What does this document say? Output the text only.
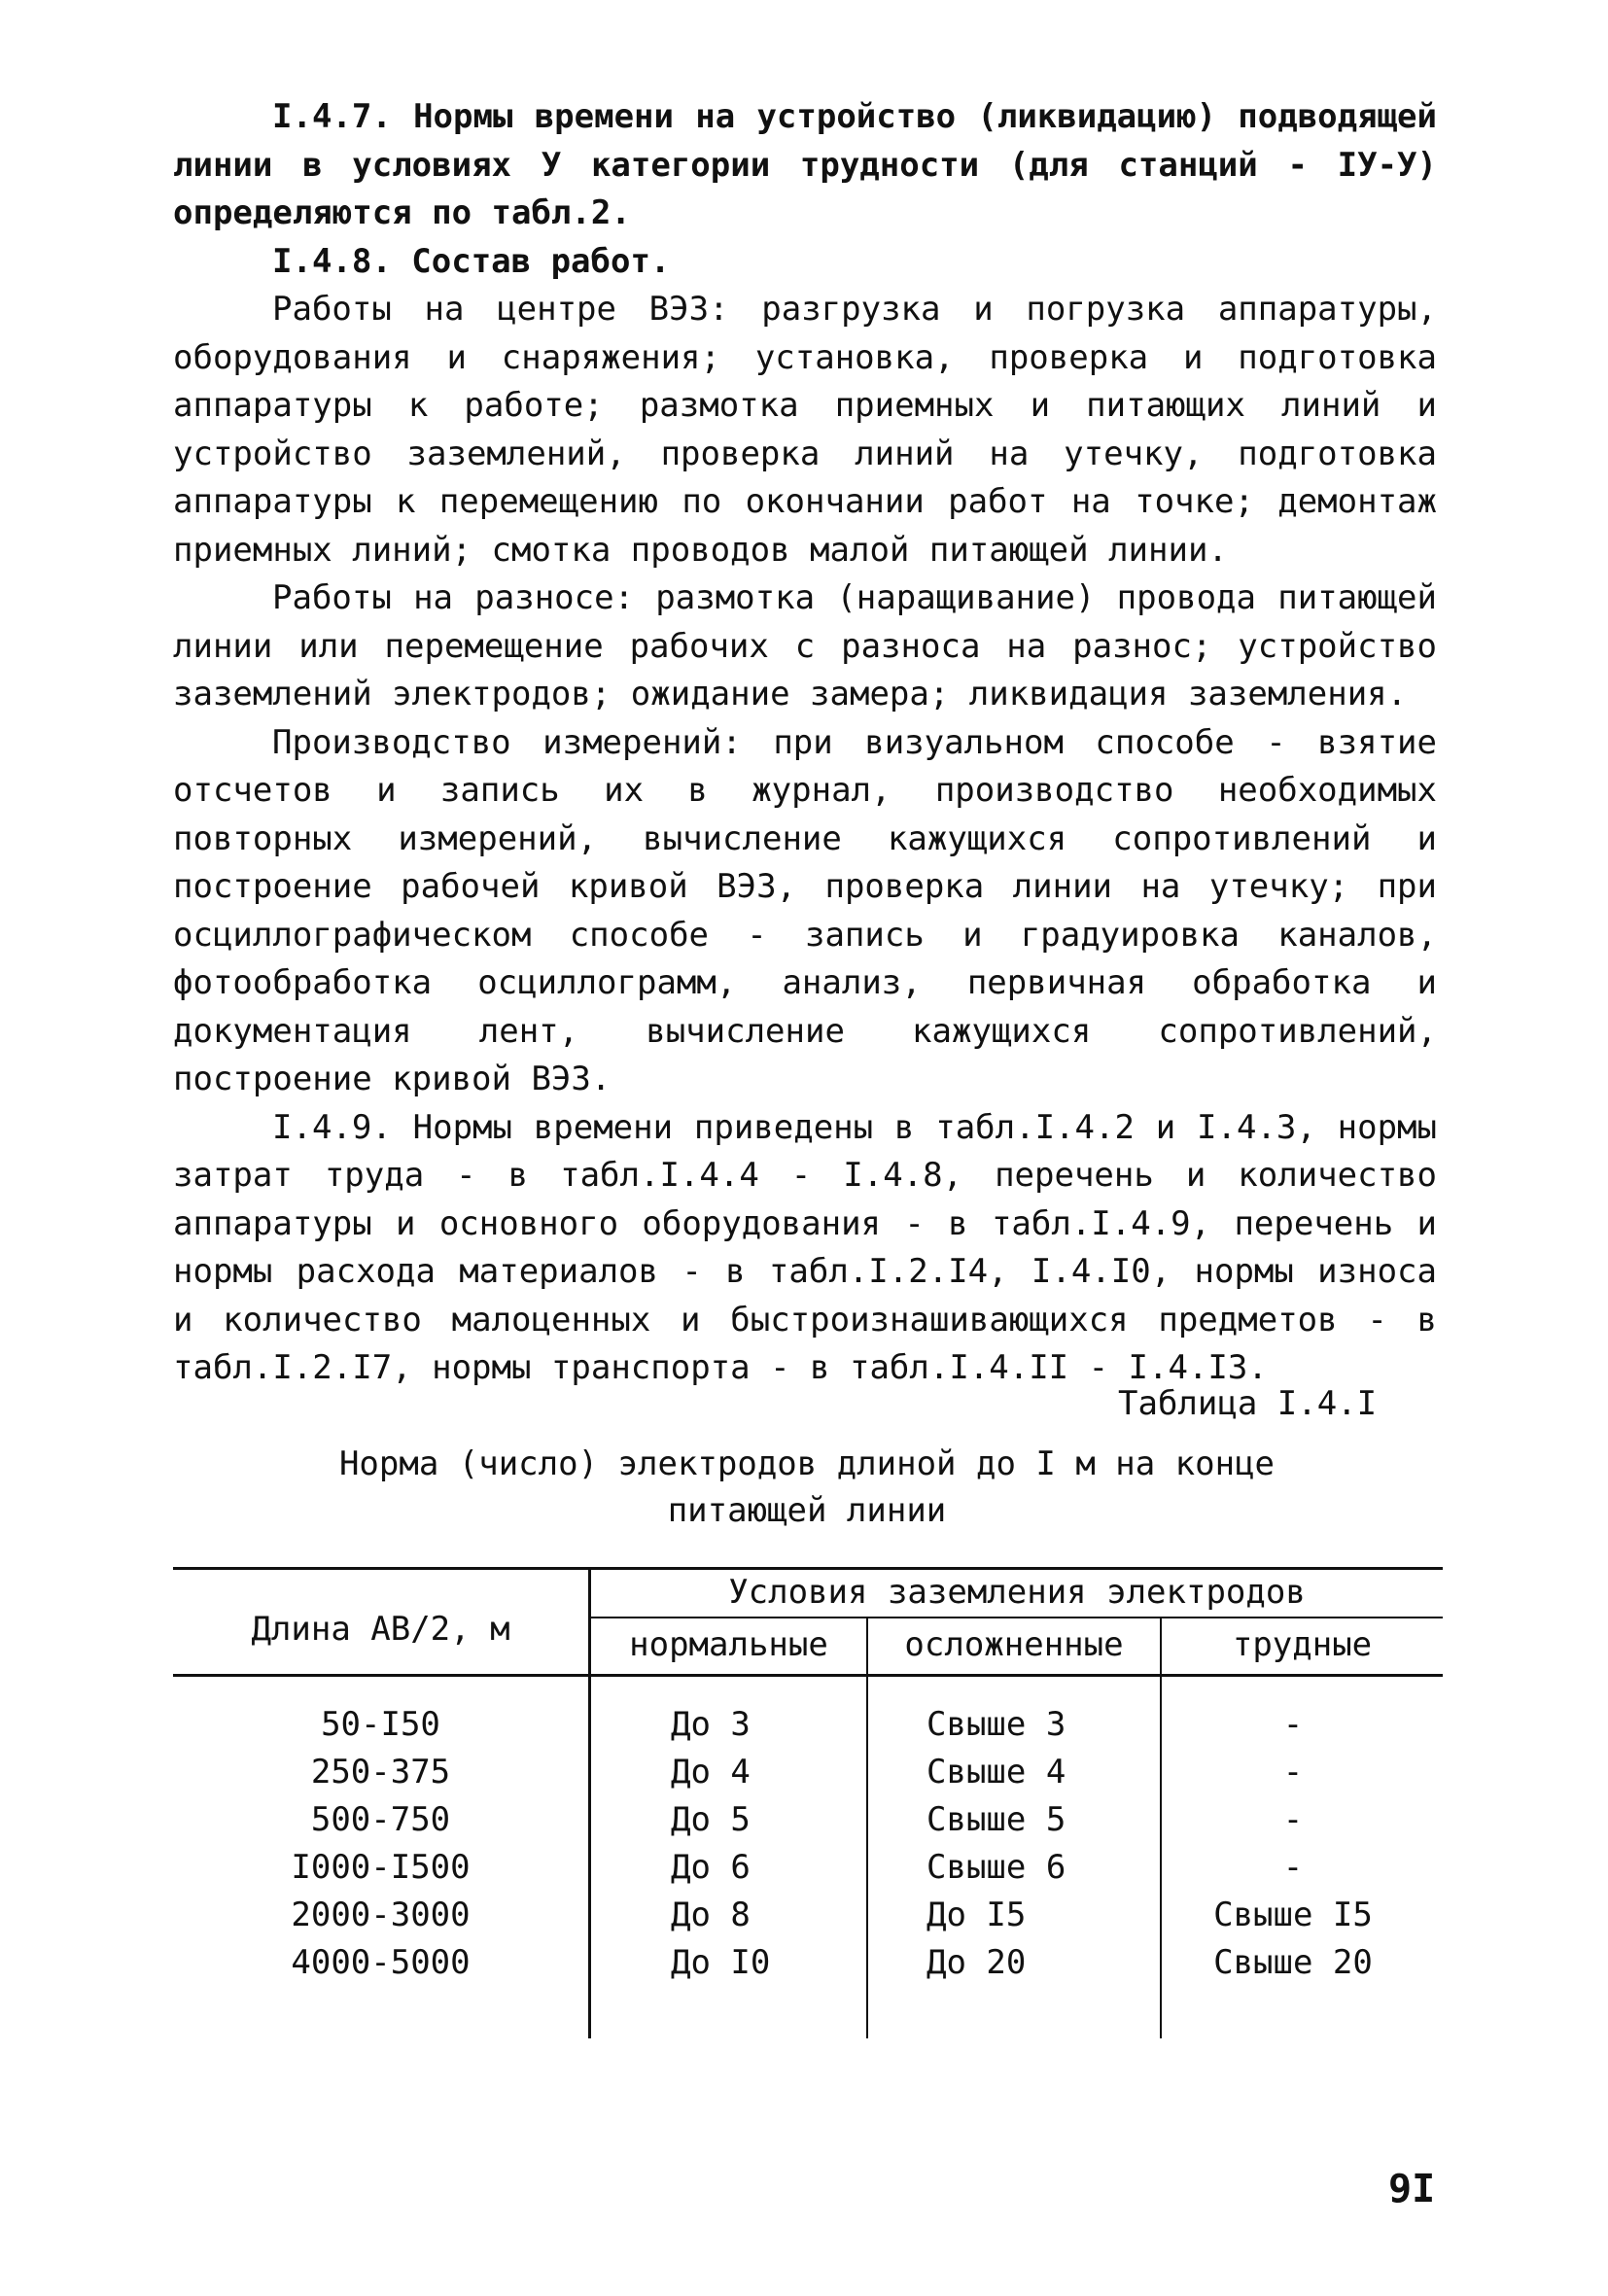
I.4.7. Нормы времени на устройство (ликвидацию) подводящей линии в условиях У категории трудности (для станций - IУ-У) определяются по табл.2.

I.4.8. Состав работ.

Работы на центре ВЭЗ: разгрузка и погрузка аппаратуры, оборудования и снаряжения; установка, проверка и подготовка аппаратуры к работе; размотка приемных и питающих линий и устройство заземлений, проверка линий на утечку, подготовка аппаратуры к перемещению по окончании работ на точке; демонтаж приемных линий; смотка проводов малой питающей линии.

Работы на разносе: размотка (наращивание) провода питающей линии или перемещение рабочих с разноса на разнос; устройство заземлений электродов; ожидание замера; ликвидация заземления.

Производство измерений: при визуальном способе - взятие отсчетов и запись их в журнал, производство необходимых повторных измерений, вычисление кажущихся сопротивлений и построение рабочей кривой ВЭЗ, проверка линии на утечку; при осциллографическом способе - запись и градуировка каналов, фотообработка осциллограмм, анализ, первичная обработка и документация лент, вычисление кажущихся сопротивлений, построение кривой ВЭЗ.

I.4.9. Нормы времени приведены в табл.I.4.2 и I.4.3, нормы затрат труда - в табл.I.4.4 - I.4.8, перечень и количество аппаратуры и основного оборудования - в табл.I.4.9, перечень и нормы расхода материалов - в табл.I.2.I4, I.4.I0, нормы износа и количество малоценных и быстроизнашивающихся предметов - в табл.I.2.I7, нормы транспорта - в табл.I.4.II - I.4.I3.

Таблица I.4.I
Норма (число) электродов длиной до I м на конце
питающей линии
Длина АВ/2, м
Условия заземления электродов
нормальные	осложненные	трудные
50-I50	До 3	Свыше 3	-
250-375	До 4	Свыше 4	-
500-750	До 5	Свыше 5	-
I000-I500	До 6	Свыше 6	-
2000-3000	До 8	До I5	Свыше I5
4000-5000	До I0	До 20	Свыше 20
9I
